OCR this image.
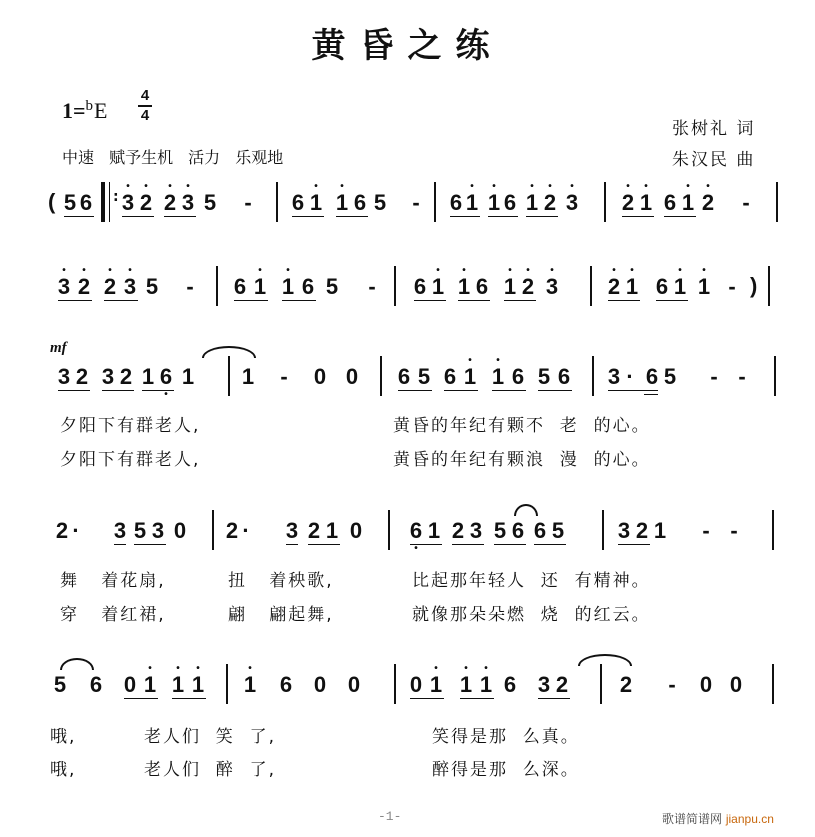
黄昏之练
1=$^b$E
4
4
中速 赋予生机 活力 乐观地
张树礼 词
朱汉民 曲
( 5 6 : 3
•
2
•
2
•
3
•
5 - 6 1
•
1
•
6 5 - 6 1
•
1
•
6 1
•
2
•
3
•
2
•
1
•
6 1
•
2
•
-
3
•
2
•
2
•
3
•
5 - 6 1
•
1
•
6 5 - 6 1
•
1
•
6 1
•
2
•
3
•
2
•
1
•
6 1
•
1
•
- )
mf
3 2 3 2 1 6
•
1 1 - 0 0 6 5 6 1
•
1
•
6 5 6 3 · 6 5 - -
夕阳下有群老人,	黄昏的年纪有颗不  老  的心。
夕阳下有群老人,	黄昏的年纪有颗浪  漫  的心。
2 · 3 5 3 0 2 · 3 2 1 0 6
•
1 2 3 5 6 6 5 3 2 1 - -
舞   着花扇,	扭   着秧歌,	比起那年轻人  还  有精神。
穿   着红裙,	翩   翩起舞,	就像那朵朵燃  烧  的红云。
5 6 0 1
•
1
•
1
•
1
•
6 0 0 0 1
•
1
•
1
•
6 3 2 2 - 0 0
哦,	老人们  笑  了,	笑得是那  么真。
哦,	老人们  醉  了,	醉得是那  么深。
-1-	歌谱简谱网 jianpu.cn
